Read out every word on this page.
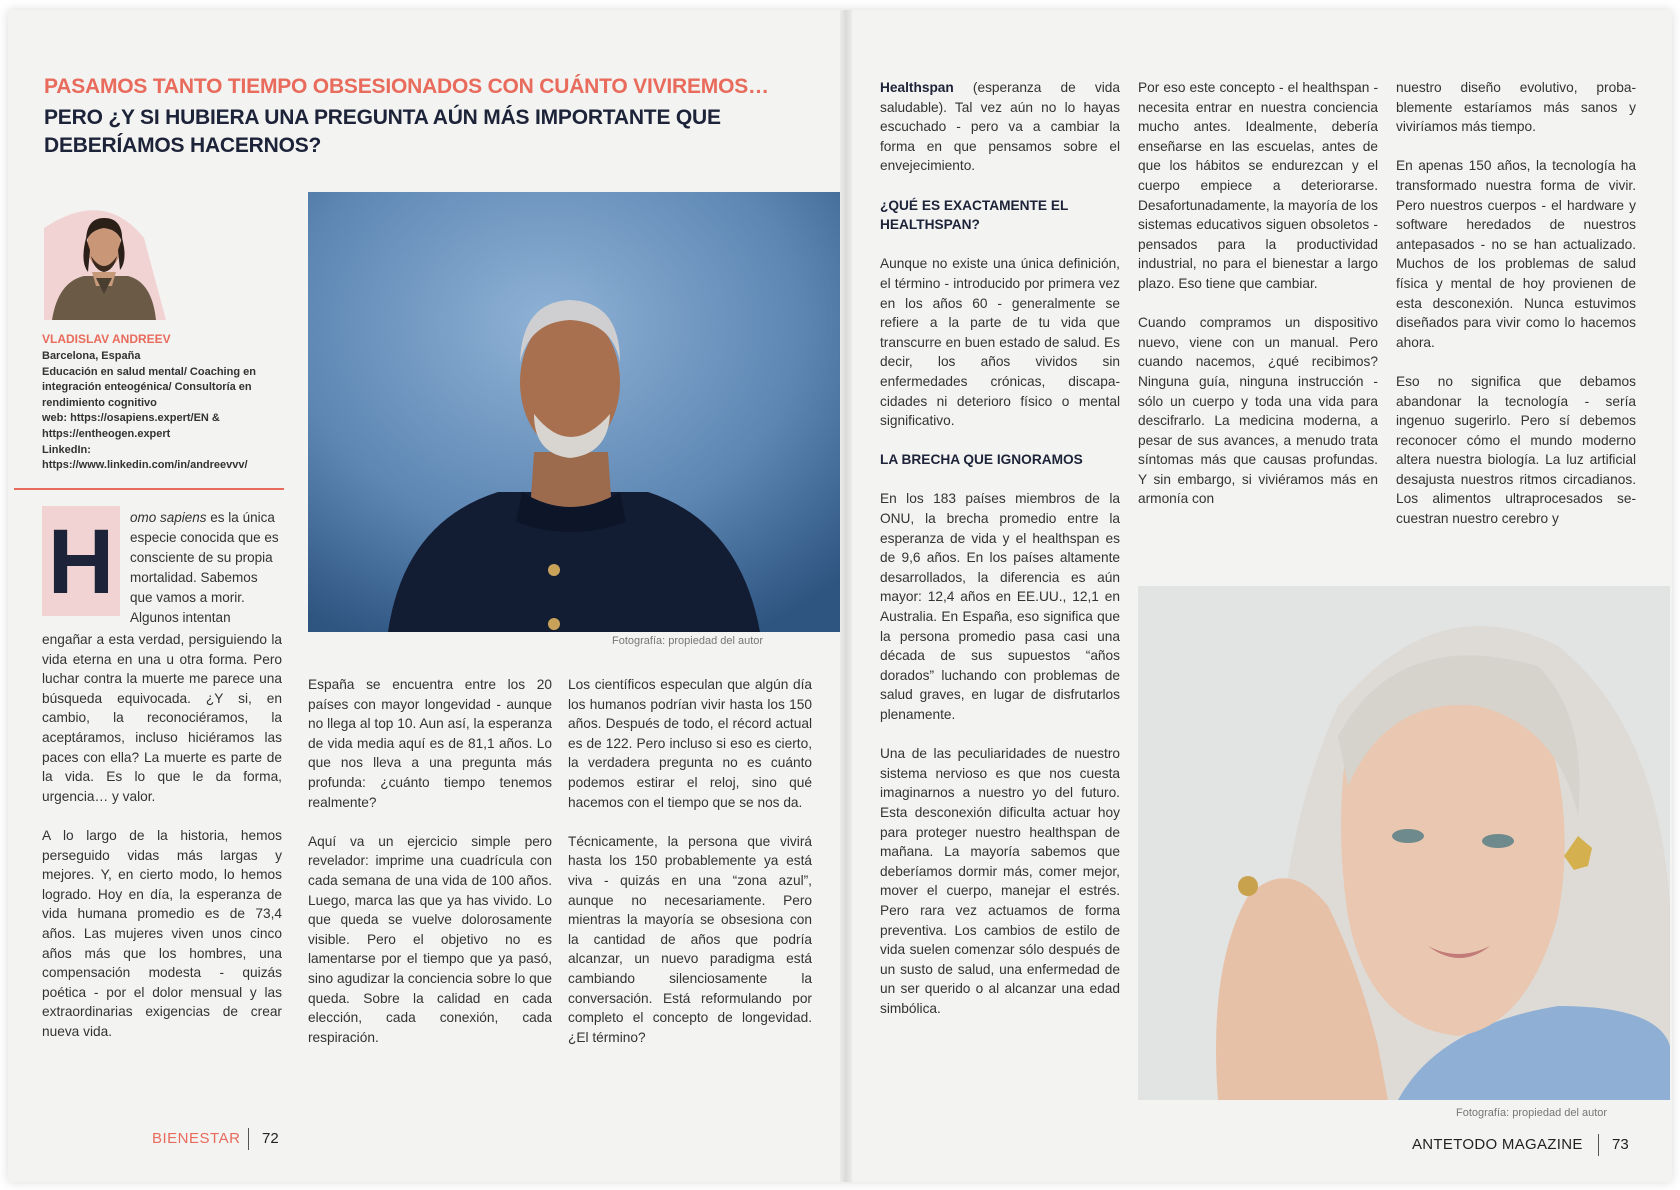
PASAMOS TANTO TIEMPO OBSESIONADOS CON CUÁNTO VIVIREMOS…
PERO ¿Y SI HUBIERA UNA PREGUNTA AÚN MÁS IMPORTANTE QUE DEBERÍAMOS HACERNOS?
VLADISLAV ANDREEV
Barcelona, España
Educación en salud mental/ Coaching en integración enteogénica/ Consultoría en rendimiento cognitivo
web: https://osapiens.expert/EN & https://entheogen.expert
LinkedIn:
https://www.linkedin.com/in/andreevvv/
H	omo sapiens es la única especie conocida que es consciente de su propia mortalidad. Sabemos que vamos a morir. Algunos intentan

engañar a esta verdad, persiguiendo la vida eterna en una u otra forma. Pero luchar contra la muerte me parece una búsqueda equivocada. ¿Y si, en cambio, la reconociéramos, la aceptáramos, incluso hiciéramos las paces con ella? La muerte es parte de la vida. Es lo que le da forma, urgencia… y valor.

A lo largo de la historia, hemos perseguido vidas más largas y mejores. Y, en cierto modo, lo hemos logrado. Hoy en día, la esperanza de vida humana promedio es de 73,4 años. Las mujeres viven unos cinco años más que los hombres, una compensación modesta - quizás poética - por el dolor mensual y las extraordinarias exigencias de crear nueva vida.

Fotografía: propiedad del autor

España se encuentra entre los 20 países con mayor longevidad - aunque no llega al top 10. Aun así, la esperanza de vida media aquí es de 81,1 años. Lo que nos lleva a una pregunta más profunda: ¿cuánto tiempo tenemos realmente?

Aquí va un ejercicio simple pero revelador: imprime una cuadrícula con cada semana de una vida de 100 años. Luego, marca las que ya has vivido. Lo que queda se vuelve dolorosamente visible. Pero el objetivo no es lamentarse por el tiempo que ya pasó, sino agudizar la conciencia sobre lo que queda. Sobre la calidad en cada elección, cada conexión, cada respiración.

Los científicos especulan que algún día los humanos podrían vivir hasta los 150 años. Después de todo, el récord actual es de 122. Pero incluso si eso es cierto, la verdadera pregunta no es cuánto podemos estirar el reloj, sino qué hacemos con el tiempo que se nos da.

Técnicamente, la persona que vivirá hasta los 150 probablemente ya está viva - quizás en una “zona azul”, aunque no necesariamente. Pero mientras la mayoría se obsesiona con la cantidad de años que podría alcanzar, un nuevo paradigma está cambiando silenciosamente la conversación. Está reformulando por completo el concepto de longevidad. ¿El término?

BIENESTAR 72

Healthspan (esperanza de vida saludable). Tal vez aún no lo hayas escuchado - pero va a cambiar la forma en que pensamos sobre el envejecimiento.

¿QUÉ ES EXACTAMENTE EL HEALTHSPAN?

Aunque no existe una única definición, el término - introducido por primera vez en los años 60 - generalmente se refiere a la parte de tu vida que transcurre en buen estado de salud. Es decir, los años vividos sin enfermedades crónicas, discapacidades ni deterioro físico o mental significativo.

LA BRECHA QUE IGNORAMOS

En los 183 países miembros de la ONU, la brecha promedio entre la esperanza de vida y el healthspan es de 9,6 años. En los países altamente desarrollados, la diferencia es aún mayor: 12,4 años en EE.UU., 12,1 en Australia. En España, eso significa que la persona promedio pasa casi una década de sus supuestos “años dorados” luchando con problemas de salud graves, en lugar de disfrutarlos plenamente.

Una de las peculiaridades de nuestro sistema nervioso es que nos cuesta imaginarnos a nuestro yo del futuro. Esta desconexión dificulta actuar hoy para proteger nuestro healthspan de mañana. La mayoría sabemos que deberíamos dormir más, comer mejor, mover el cuerpo, manejar el estrés. Pero rara vez actuamos de forma preventiva. Los cambios de estilo de vida suelen comenzar sólo después de un susto de salud, una enfermedad de un ser querido o al alcanzar una edad simbólica.

Por eso este concepto - el healthspan - necesita entrar en nuestra conciencia mucho antes. Idealmente, debería enseñarse en las escuelas, antes de que los hábitos se endurezcan y el cuerpo empiece a deteriorarse. Desafortunadamente, la mayoría de los sistemas educativos siguen obsoletos - pensados para la productividad industrial, no para el bienestar a largo plazo. Eso tiene que cambiar.

Cuando compramos un dispositivo nuevo, viene con un manual. Pero cuando nacemos, ¿qué recibimos? Ninguna guía, ninguna instrucción - sólo un cuerpo y toda una vida para descifrarlo. La medicina moderna, a pesar de sus avances, a menudo trata síntomas más que causas profundas. Y sin embargo, si viviéramos más en armonía con

nuestro diseño evolutivo, probablemente estaríamos más sanos y viviríamos más tiempo.

En apenas 150 años, la tecnología ha transformado nuestra forma de vivir. Pero nuestros cuerpos - el hardware y software heredados de nuestros antepasados - no se han actualizado. Muchos de los problemas de salud física y mental de hoy provienen de esta desconexión. Nunca estuvimos diseñados para vivir como lo hacemos ahora.

Eso no significa que debamos abandonar la tecnología - sería ingenuo sugerirlo. Pero sí debemos reconocer cómo el mundo moderno altera nuestra biología. La luz artificial desajusta nuestros ritmos circadianos. Los alimentos ultraprocesados secuestran nuestro cerebro y

Fotografía: propiedad del autor
ANTETODO MAGAZINE 73
